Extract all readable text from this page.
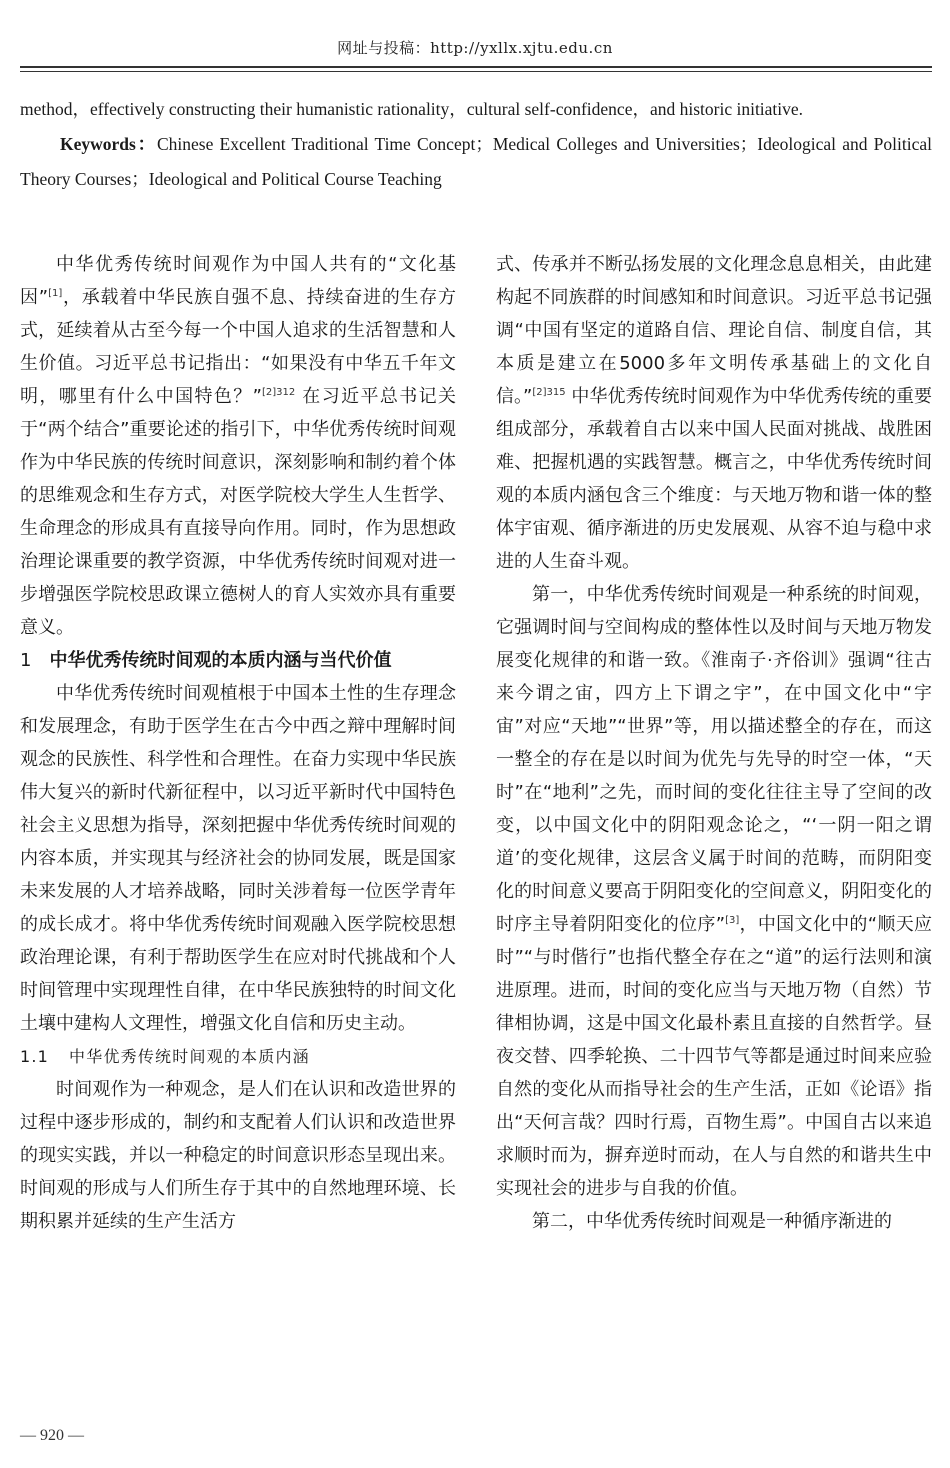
网址与投稿：http://yxllx.xjtu.edu.cn

method，effectively constructing their humanistic rationality，cultural self-confidence，and historic initiative.

Keywords：Chinese Excellent Traditional Time Concept；Medical Colleges and Universities；Ideological and Political Theory Courses；Ideological and Political Course Teaching

中华优秀传统时间观作为中国人共有的“文化基因”[1]，承载着中华民族自强不息、持续奋进的生存方式，延续着从古至今每一个中国人追求的生活智慧和人生价值。习近平总书记指出：“如果没有中华五千年文明，哪里有什么中国特色？”$^{[2]312}$ 在习近平总书记关于“两个结合”重要论述的指引下，中华优秀传统时间观作为中华民族的传统时间意识，深刻影响和制约着个体的思维观念和生存方式，对医学院校大学生人生哲学、生命理念的形成具有直接导向作用。同时，作为思想政治理论课重要的教学资源，中华优秀传统时间观对进一步增强医学院校思政课立德树人的育人实效亦具有重要意义。

1 中华优秀传统时间观的本质内涵与当代价值

中华优秀传统时间观植根于中国本土性的生存理念和发展理念，有助于医学生在古今中西之辩中理解时间观念的民族性、科学性和合理性。在奋力实现中华民族伟大复兴的新时代新征程中，以习近平新时代中国特色社会主义思想为指导，深刻把握中华优秀传统时间观的内容本质，并实现其与经济社会的协同发展，既是国家未来发展的人才培养战略，同时关涉着每一位医学青年的成长成才。将中华优秀传统时间观融入医学院校思想政治理论课，有利于帮助医学生在应对时代挑战和个人时间管理中实现理性自律，在中华民族独特的时间文化土壤中建构人文理性，增强文化自信和历史主动。

1.1 中华优秀传统时间观的本质内涵

时间观作为一种观念，是人们在认识和改造世界的过程中逐步形成的，制约和支配着人们认识和改造世界的现实实践，并以一种稳定的时间意识形态呈现出来。时间观的形成与人们所生存于其中的自然地理环境、长期积累并延续的生产生活方

式、传承并不断弘扬发展的文化理念息息相关，由此建构起不同族群的时间感知和时间意识。习近平总书记强调“中国有坚定的道路自信、理论自信、制度自信，其本质是建立在5000多年文明传承基础上的文化自信。”$^{[2]315}$ 中华优秀传统时间观作为中华优秀传统的重要组成部分，承载着自古以来中国人民面对挑战、战胜困难、把握机遇的实践智慧。概言之，中华优秀传统时间观的本质内涵包含三个维度：与天地万物和谐一体的整体宇宙观、循序渐进的历史发展观、从容不迫与稳中求进的人生奋斗观。

第一，中华优秀传统时间观是一种系统的时间观，它强调时间与空间构成的整体性以及时间与天地万物发展变化规律的和谐一致。《淮南子·齐俗训》强调“往古来今谓之宙，四方上下谓之宇”，在中国文化中“宇宙”对应“天地”“世界”等，用以描述整全的存在，而这一整全的存在是以时间为优先与先导的时空一体，“天时”在“地利”之先，而时间的变化往往主导了空间的改变，以中国文化中的阴阳观念论之，“‘一阴一阳之谓道’的变化规律，这层含义属于时间的范畴，而阴阳变化的时间意义要高于阴阳变化的空间意义，阴阳变化的时序主导着阴阳变化的位序”[3]，中国文化中的“顺天应时”“与时偕行”也指代整全存在之“道”的运行法则和演进原理。进而，时间的变化应当与天地万物（自然）节律相协调，这是中国文化最朴素且直接的自然哲学。昼夜交替、四季轮换、二十四节气等都是通过时间来应验自然的变化从而指导社会的生产生活，正如《论语》指出“天何言哉？四时行焉，百物生焉”。中国自古以来追求顺时而为，摒弃逆时而动，在人与自然的和谐共生中实现社会的进步与自我的价值。

第二，中华优秀传统时间观是一种循序渐进的

— 920 —
